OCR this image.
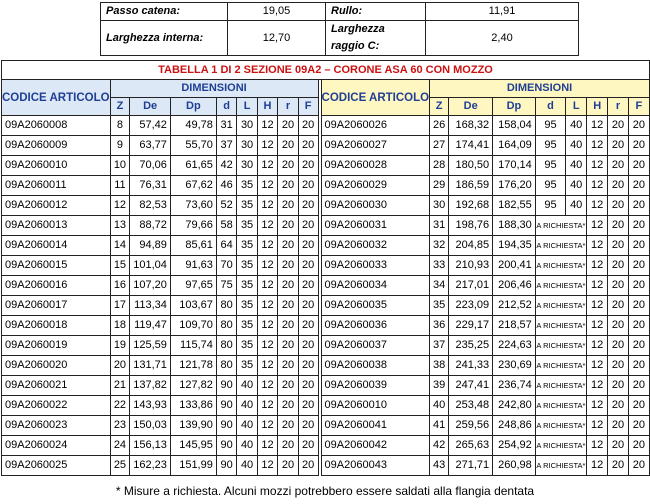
Passo catena:	19,05	Rullo:	11,91
Larghezza interna:	12,70	Larghezza raggio C:	2,40
TABELLA 1 DI 2 SEZIONE 09A2 – CORONE ASA 60 CON MOZZO																		
CODICE ARTICOLO	DIMENSIONI									CODICE ARTICOLO	DIMENSIONI							
	Z	De	Dp	d	L	H	r	F			Z	De	Dp	d	L	H	r	F
09A2060008	8	57,42	49,78	31	30	12	20	20		09A2060026	26	168,32	158,04	95	40	12	20	20
09A2060009	9	63,77	55,70	37	30	12	20	20		09A2060027	27	174,41	164,09	95	40	12	20	20
09A2060010	10	70,06	61,65	42	30	12	20	20		09A2060028	28	180,50	170,14	95	40	12	20	20
09A2060011	11	76,31	67,62	46	35	12	20	20		09A2060029	29	186,59	176,20	95	40	12	20	20
09A2060012	12	82,53	73,60	52	35	12	20	20		09A2060030	30	192,68	182,55	95	40	12	20	20
09A2060013	13	88,72	79,66	58	35	12	20	20		09A2060031	31	198,76	188,30	A RICHIESTA*		12	20	20
09A2060014	14	94,89	85,61	64	35	12	20	20		09A2060032	32	204,85	194,35	A RICHIESTA*		12	20	20
09A2060015	15	101,04	91,63	70	35	12	20	20		09A2060033	33	210,93	200,41	A RICHIESTA*		12	20	20
09A2060016	16	107,20	97,65	75	35	12	20	20		09A2060034	34	217,01	206,46	A RICHIESTA*		12	20	20
09A2060017	17	113,34	103,67	80	35	12	20	20		09A2060035	35	223,09	212,52	A RICHIESTA*		12	20	20
09A2060018	18	119,47	109,70	80	35	12	20	20		09A2060036	36	229,17	218,57	A RICHIESTA*		12	20	20
09A2060019	19	125,59	115,74	80	35	12	20	20		09A2060037	37	235,25	224,63	A RICHIESTA*		12	20	20
09A2060020	20	131,71	121,78	80	35	12	20	20		09A2060038	38	241,33	230,69	A RICHIESTA*		12	20	20
09A2060021	21	137,82	127,82	90	40	12	20	20		09A2060039	39	247,41	236,74	A RICHIESTA*		12	20	20
09A2060022	22	143,93	133,86	90	40	12	20	20		09A2060010	40	253,48	242,80	A RICHIESTA*		12	20	20
09A2060023	23	150,03	139,90	90	40	12	20	20		09A2060041	41	259,56	248,86	A RICHIESTA*		12	20	20
09A2060024	24	156,13	145,95	90	40	12	20	20		09A2060042	42	265,63	254,92	A RICHIESTA*		12	20	20
09A2060025	25	162,23	151,99	90	40	12	20	20		09A2060043	43	271,71	260,98	A RICHIESTA*		12	20	20
* Misure a richiesta. Alcuni mozzi potrebbero essere saldati alla flangia dentata
